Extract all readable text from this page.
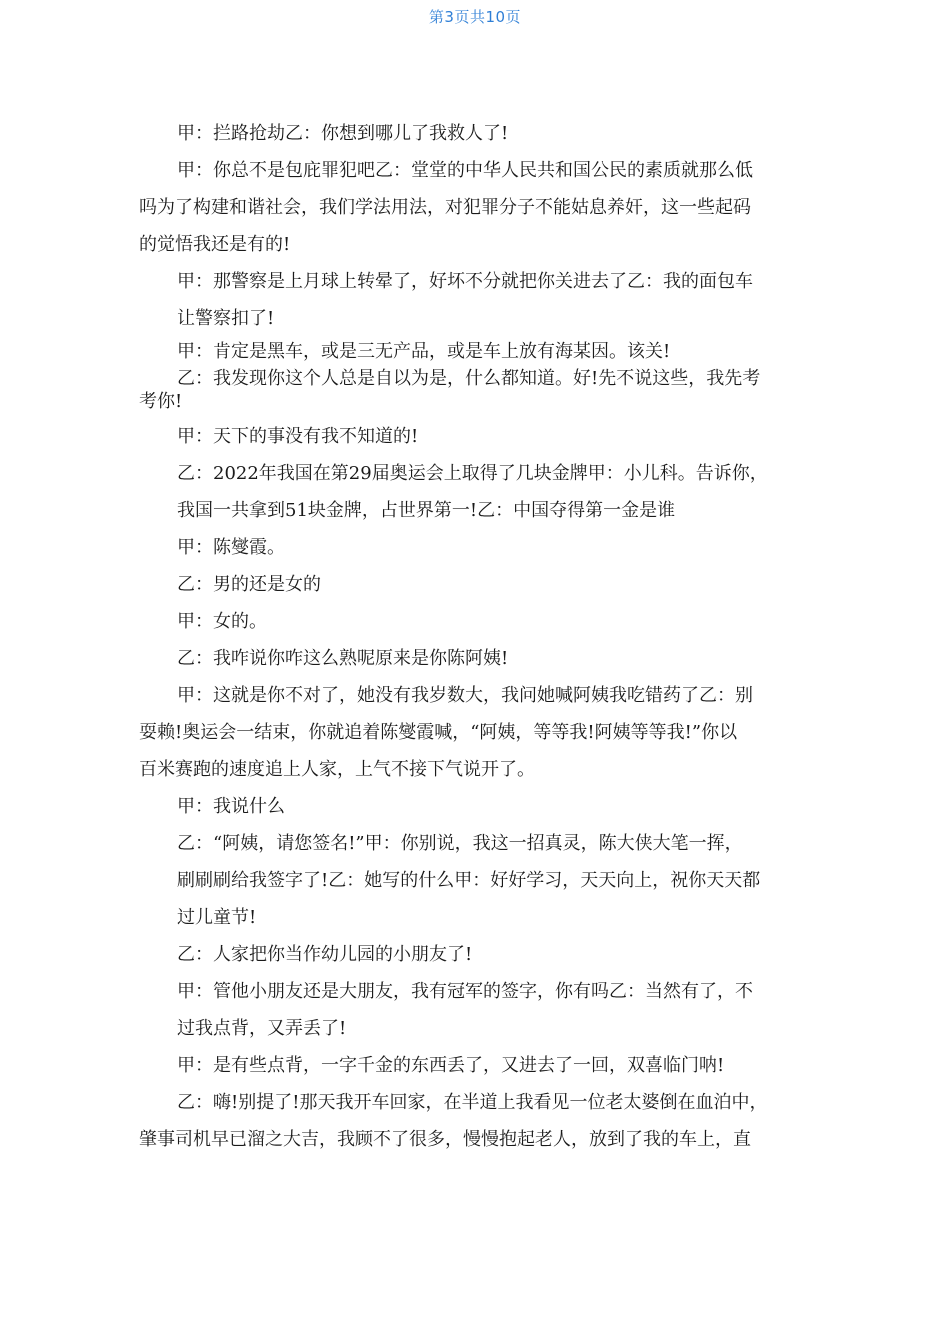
第3页共10页
甲：拦路抢劫乙：你想到哪儿了我救人了!
甲：你总不是包庇罪犯吧乙：堂堂的中华人民共和国公民的素质就那么低
吗为了构建和谐社会，我们学法用法，对犯罪分子不能姑息养奸，这一些起码
的觉悟我还是有的!
甲：那警察是上月球上转晕了，好坏不分就把你关进去了乙：我的面包车
让警察扣了!
甲：肯定是黑车，或是三无产品，或是车上放有海某因。该关!
乙：我发现你这个人总是自以为是，什么都知道。好!先不说这些，我先考
考你!
甲：天下的事没有我不知道的!
乙：2022年我国在第29届奥运会上取得了几块金牌甲：小儿科。告诉你，
我国一共拿到51块金牌，占世界第一!乙：中国夺得第一金是谁
甲：陈燮霞。
乙：男的还是女的
甲：女的。
乙：我咋说你咋这么熟呢原来是你陈阿姨!
甲：这就是你不对了，她没有我岁数大，我问她喊阿姨我吃错药了乙：别
耍赖!奥运会一结束，你就追着陈燮霞喊，“阿姨，等等我!阿姨等等我!”你以
百米赛跑的速度追上人家，上气不接下气说开了。
甲：我说什么
乙：“阿姨，请您签名!”甲：你别说，我这一招真灵，陈大侠大笔一挥，
刷刷刷给我签字了!乙：她写的什么甲：好好学习，天天向上，祝你天天都
过儿童节!
乙：人家把你当作幼儿园的小朋友了!
甲：管他小朋友还是大朋友，我有冠军的签字，你有吗乙：当然有了，不
过我点背，又弄丢了!
甲：是有些点背，一字千金的东西丢了，又进去了一回，双喜临门呐!
乙：嗨!别提了!那天我开车回家，在半道上我看见一位老太婆倒在血泊中，
肇事司机早已溜之大吉，我顾不了很多，慢慢抱起老人，放到了我的车上，直
